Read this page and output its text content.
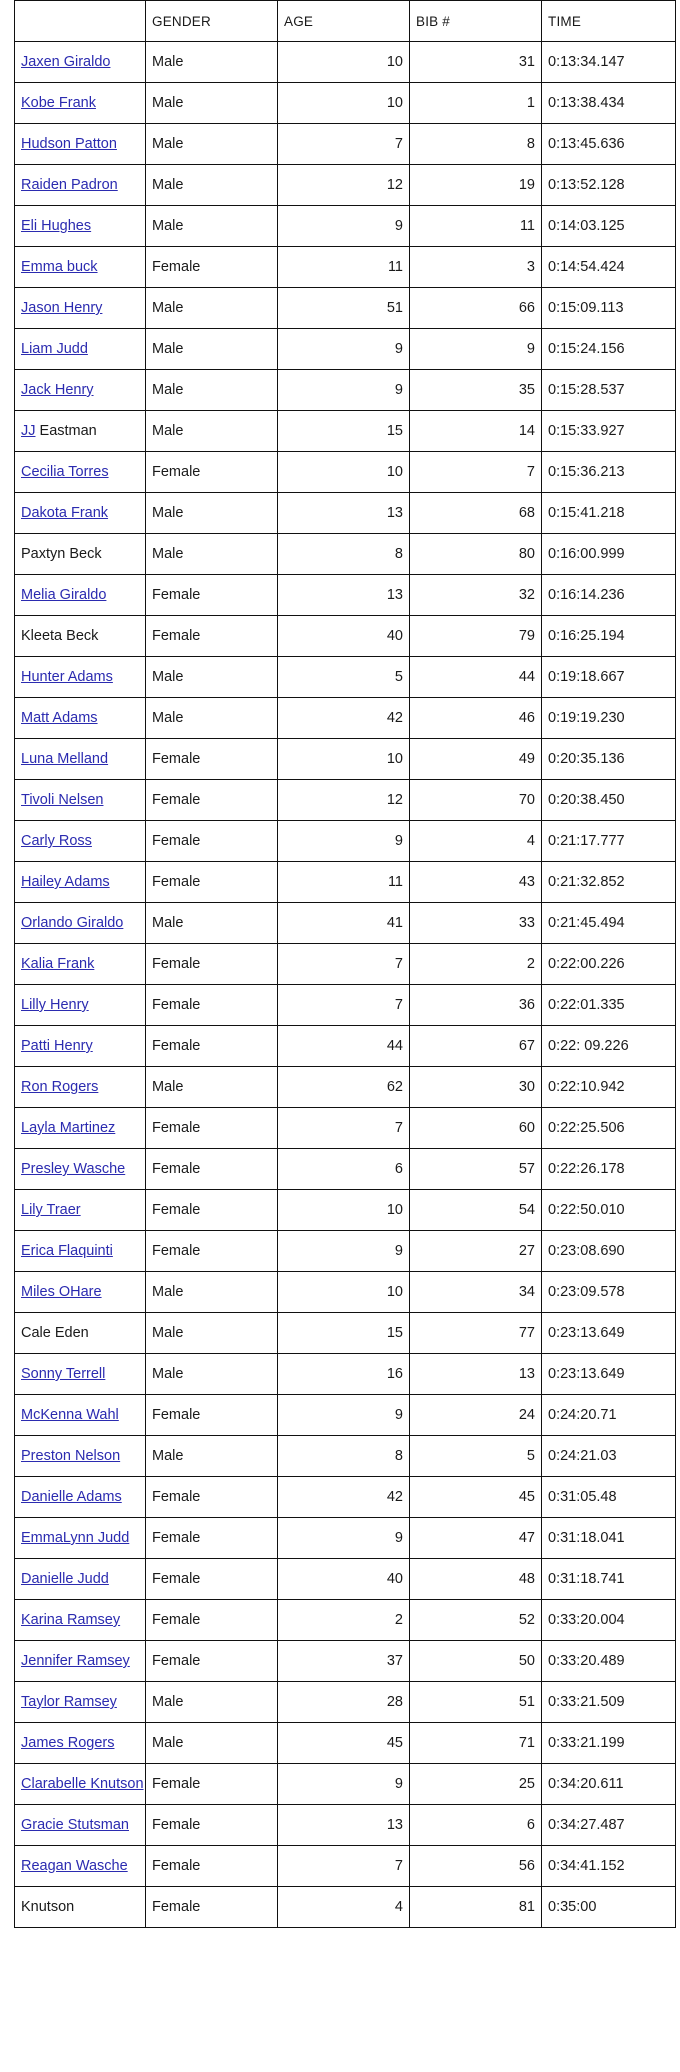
	GENDER	AGE	BIB #	TIME
Jaxen Giraldo	Male	10	31	0:13:34.147
Kobe Frank	Male	10	1	0:13:38.434
Hudson Patton	Male	7	8	0:13:45.636
Raiden Padron	Male	12	19	0:13:52.128
Eli Hughes	Male	9	11	0:14:03.125
Emma buck	Female	11	3	0:14:54.424
Jason Henry	Male	51	66	0:15:09.113
Liam Judd	Male	9	9	0:15:24.156
Jack Henry	Male	9	35	0:15:28.537
JJ Eastman	Male	15	14	0:15:33.927
Cecilia Torres	Female	10	7	0:15:36.213
Dakota Frank	Male	13	68	0:15:41.218
Paxtyn Beck	Male	8	80	0:16:00.999
Melia Giraldo	Female	13	32	0:16:14.236
Kleeta Beck	Female	40	79	0:16:25.194
Hunter Adams	Male	5	44	0:19:18.667
Matt Adams	Male	42	46	0:19:19.230
Luna Melland	Female	10	49	0:20:35.136
Tivoli Nelsen	Female	12	70	0:20:38.450
Carly Ross	Female	9	4	0:21:17.777
Hailey Adams	Female	11	43	0:21:32.852
Orlando Giraldo	Male	41	33	0:21:45.494
Kalia Frank	Female	7	2	0:22:00.226
Lilly Henry	Female	7	36	0:22:01.335
Patti Henry	Female	44	67	0:22: 09.226
Ron Rogers	Male	62	30	0:22:10.942
Layla Martinez	Female	7	60	0:22:25.506
Presley Wasche	Female	6	57	0:22:26.178
Lily Traer	Female	10	54	0:22:50.010
Erica Flaquinti	Female	9	27	0:23:08.690
Miles OHare	Male	10	34	0:23:09.578
Cale Eden	Male	15	77	0:23:13.649
Sonny Terrell	Male	16	13	0:23:13.649
McKenna Wahl	Female	9	24	0:24:20.71
Preston Nelson	Male	8	5	0:24:21.03
Danielle Adams	Female	42	45	0:31:05.48
EmmaLynn Judd	Female	9	47	0:31:18.041
Danielle Judd	Female	40	48	0:31:18.741
Karina Ramsey	Female	2	52	0:33:20.004
Jennifer Ramsey	Female	37	50	0:33:20.489
Taylor Ramsey	Male	28	51	0:33:21.509
James Rogers	Male	45	71	0:33:21.199
Clarabelle Knutson	Female	9	25	0:34:20.611
Gracie Stutsman	Female	13	6	0:34:27.487
Reagan Wasche	Female	7	56	0:34:41.152
Knutson	Female	4	81	0:35:00
